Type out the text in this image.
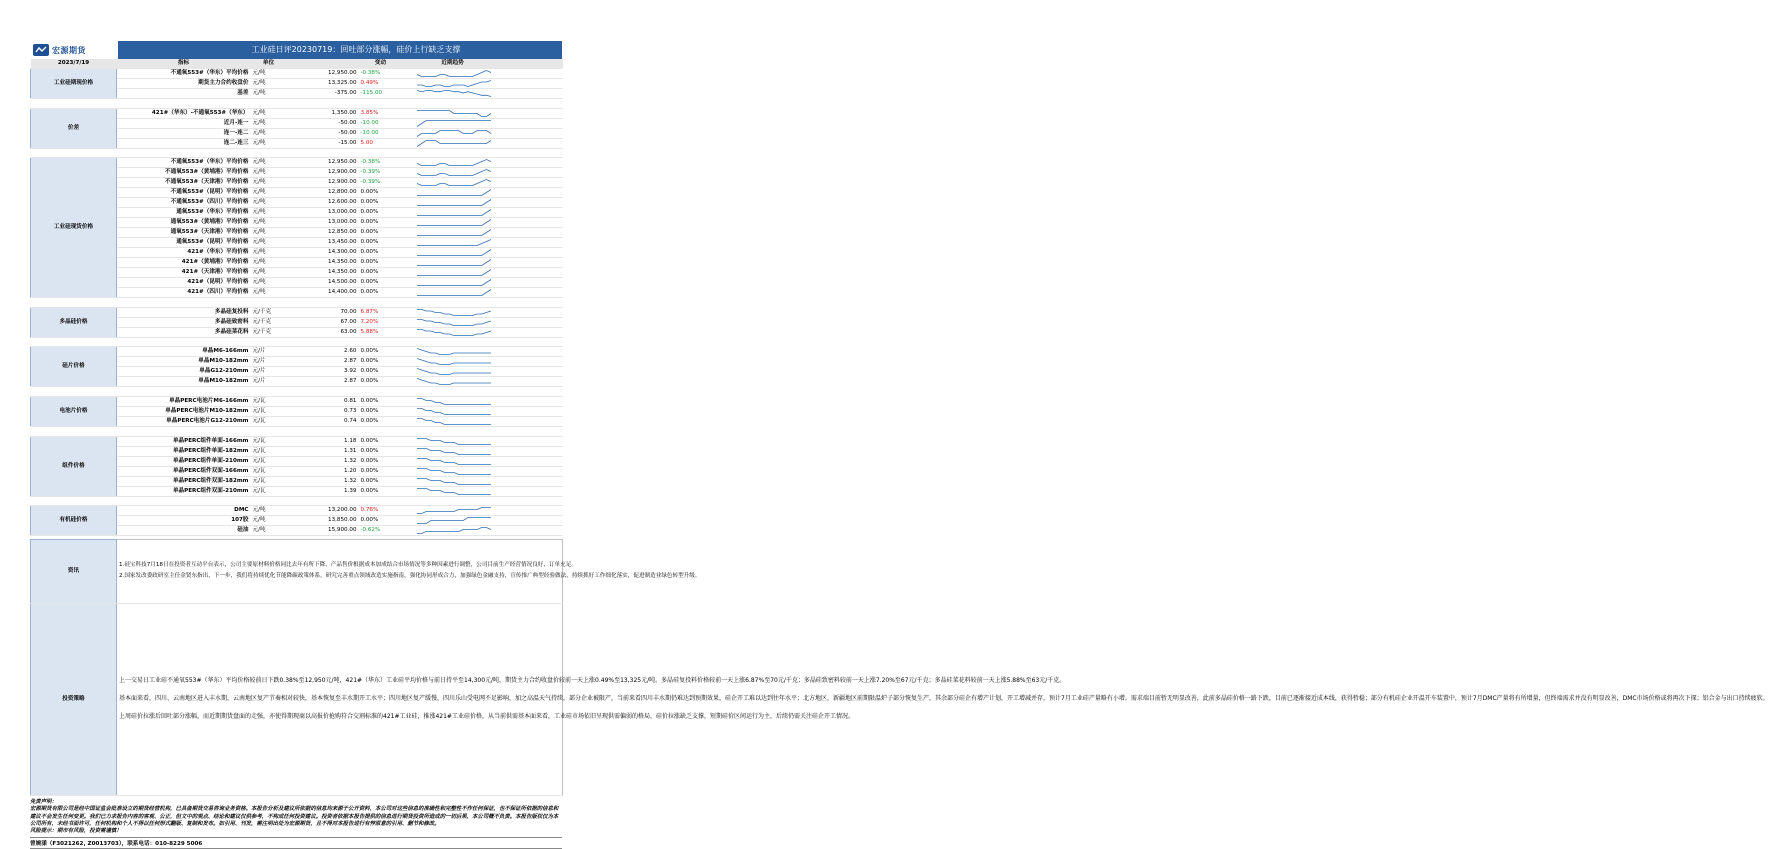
宏源期货	工业硅日评20230719：回吐部分涨幅，硅价上行缺乏支撑
2023/7/19	指标	单位		变动		近期趋势	
工业硅期现价格	不通氧553#（华东）平均价格	元/吨	12,950.00	-0.38%		

	期货主力合约收盘价	元/吨	13,325.00	0.49%		

	基差	元/吨	-375.00	-115.00		

价差	421#（华东）-不通氧553#（华东）	元/吨	1,350.00	3.85%		

	近月-连一	元/吨	-50.00	-10.00		

	连一-连二	元/吨	-50.00	-10.00		

	连二-连三	元/吨	-15.00	5.00		

工业硅现货价格	不通氧553#（华东）平均价格	元/吨	12,950.00	-0.38%		

	不通氧553#（黄埔港）平均价格	元/吨	12,900.00	-0.39%		

	不通氧553#（天津港）平均价格	元/吨	12,900.00	-0.39%		

	不通氧553#（昆明）平均价格	元/吨	12,800.00	0.00%		

	不通氧553#（四川）平均价格	元/吨	12,600.00	0.00%		

	通氧553#（华东）平均价格	元/吨	13,000.00	0.00%		

	通氧553#（黄埔港）平均价格	元/吨	13,000.00	0.00%		

	通氧553#（天津港）平均价格	元/吨	12,850.00	0.00%		

	通氧553#（昆明）平均价格	元/吨	13,450.00	0.00%		

	421#（华东）平均价格	元/吨	14,300.00	0.00%		

	421#（黄埔港）平均价格	元/吨	14,350.00	0.00%		

	421#（天津港）平均价格	元/吨	14,350.00	0.00%		

	421#（昆明）平均价格	元/吨	14,500.00	0.00%		

	421#（四川）平均价格	元/吨	14,400.00	0.00%		

多晶硅价格	多晶硅复投料	元/千克	70.00	6.87%		

	多晶硅致密料	元/千克	67.00	7.20%		

	多晶硅菜花料	元/千克	63.00	5.88%		

硅片价格	单晶M6-166mm	元/片	2.60	0.00%		

	单晶M10-182mm	元/片	2.87	0.00%		

	单晶G12-210mm	元/片	3.92	0.00%		

	单晶M10-182mm	元/片	2.87	0.00%		

电池片价格	单晶PERC电池片M6-166mm	元/瓦	0.81	0.00%		

	单晶PERC电池片M10-182mm	元/瓦	0.73	0.00%		

	单晶PERC电池片G12-210mm	元/瓦	0.74	0.00%		

组件价格	单晶PERC组件单面-166mm	元/瓦	1.18	0.00%		

	单晶PERC组件单面-182mm	元/瓦	1.31	0.00%		

	单晶PERC组件单面-210mm	元/瓦	1.32	0.00%		

	单晶PERC组件双面-166mm	元/瓦	1.20	0.00%		

	单晶PERC组件双面-182mm	元/瓦	1.32	0.00%		

	单晶PERC组件双面-210mm	元/瓦	1.39	0.00%		

有机硅价格	DMC	元/吨	13,200.00	0.76%		

	107胶	元/吨	13,850.00	0.00%		

	硅油	元/吨	15,900.00	-0.62%		

资讯	1.硅宝科技7月18日在投资者互动平台表示，公司主要原材料价格同比去年有所下降，产品售价根据成本加成结合市场情况等多种因素进行调整，公司目前生产经营情况良好，订单充足。

2.国家发改委政研室主任金贤东指出，下一步，我们将持续优化节能降碳政策体系，研究完善重点领域改造实施指南，强化协同形成合力，加强绿色金融支持，宣传推广典型经验做法，持续抓好工作细化落实，促进制造业绿色转型升级。

投资策略	上一交易日工业硅不通氧553#（华东）平均价格较前日下跌0.38%至12,950元/吨，421#（华东）工业硅平均价格与前日持平至14,300元/吨，期货主力合约收盘价较前一天上涨0.49%至13,325元/吨。多晶硅复投料价格较前一天上涨6.87%至70元/千克；多晶硅致密料较前一天上涨7.20%至67元/千克；多晶硅菜花料较前一天上涨5.88%至63元/千克。

基本面来看，四川、云南地区进入丰水期，云南地区复产节奏相对较快，基本恢复至丰水期开工水平；四川地区复产缓慢，四川乐山受电网不足影响，加之高温天气持续，部分企业被限产，当前来看四川丰水期仍难达到预期效果，硅企开工难以达到往年水平；北方地区，新疆地区前期限温炉子部分恢复生产，其余部分硅企有增产计划，开工增减并存，预计7月工业硅产量略有小增。需求端目前暂无明显改善，此前多晶硅价格一路下跌，目前已逐渐接近成本线，获得暂稳；部分有机硅企业开温开车装置中，预计7月DMC产量将有所增量，但终端需求并没有明显改善，DMC市场价格或将再次下探；铝合金与出口持续疲软。

上周硅价拉涨后回吐部分涨幅，而近期期货盘面的走强，亦使得期现商以高报价抢购符合交割标准的421#工业硅，推涨421#工业硅价格，从当前供需基本面来看，工业硅市场依旧呈现供需偏弱的格局，硅价拉涨缺乏支撑，短期硅价区间运行为主，后续仍需关注硅企开工情况。

免责声明：
宏源期货有限公司是经中国证监会批准设立的期货经营机构，已具备期货交易咨询业务资格。本报告分析及建议所依据的信息均来源于公开资料，本公司对这些信息的准确性和完整性不作任何保证，也不保证所依据的信息和建议不会发生任何变更。我们已力求报告内容的客观、公正，但文中的观点、结论和建议仅供参考，不构成任何投资建议。投资者依据本报告提供的信息进行期货投资所造成的一切后果，本公司概不负责。本报告版权仅为本公司所有，未经书面许可，任何机构和个人不得以任何形式翻版、复制和发布。如引用、刊发，需注明出处为宏源期货，且不得对本报告进行有悖原意的引用、删节和修改。
风险提示：期市有风险，投资需谨慎！
曾婉漾（F3021262, Z0013703），联系电话：010-8229 5006
